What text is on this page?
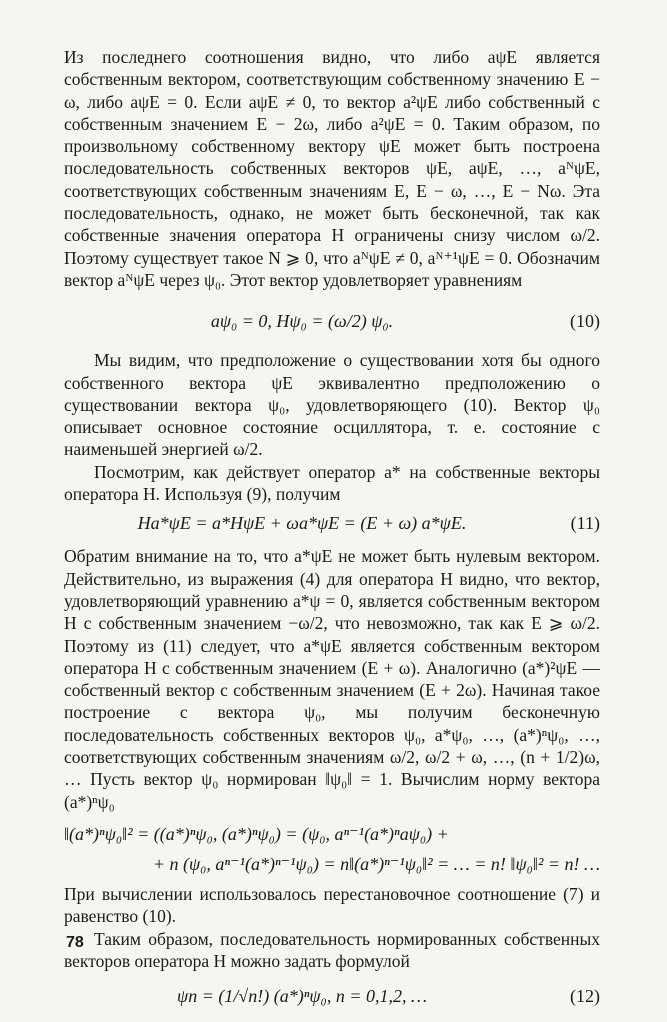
Из последнего соотношения видно, что либо aψE является собственным вектором, соответствующим собственному значению E − ω, либо aψE = 0. Если aψE ≠ 0, то вектор a²ψE либо собственный с собственным значением E − 2ω, либо a²ψE = 0. Таким образом, по произвольному собственному вектору ψE может быть построена последовательность собственных векторов ψE, aψE, …, aᴺψE, соответствующих собственным значениям E, E − ω, …, E − Nω. Эта последовательность, однако, не может быть бесконечной, так как собственные значения оператора H ограничены снизу числом ω/2. Поэтому существует такое N ⩾ 0, что aᴺψE ≠ 0, aᴺ⁺¹ψE = 0. Обозначим вектор aᴺψE через ψ₀. Этот вектор удовлетворяет уравнениям

aψ₀ = 0, Hψ₀ = (ω/2) ψ₀.	(10)

Мы видим, что предположение о существовании хотя бы одного собственного вектора ψE эквивалентно предположению о существовании вектора ψ₀, удовлетворяющего (10). Вектор ψ₀ описывает основное состояние осциллятора, т. е. состояние с наименьшей энергией ω/2.

Посмотрим, как действует оператор a* на собственные векторы оператора H. Используя (9), получим

Ha*ψE = a*HψE + ωa*ψE = (E + ω) a*ψE.	(11)

Обратим внимание на то, что a*ψE не может быть нулевым вектором. Действительно, из выражения (4) для оператора H видно, что вектор, удовлетворяющий уравнению a*ψ = 0, является собственным вектором H с собственным значением −ω/2, что невозможно, так как E ⩾ ω/2. Поэтому из (11) следует, что a*ψE является собственным вектором оператора H с собственным значением (E + ω). Аналогично (a*)²ψE — собственный вектор с собственным значением (E + 2ω). Начиная такое построение с вектора ψ₀, мы получим бесконечную последовательность собственных векторов ψ₀, a*ψ₀, …, (a*)ⁿψ₀, …, соответствующих собственным значениям ω/2, ω/2 + ω, …, (n + 1/2)ω, … Пусть вектор ψ₀ нормирован ‖ψ₀‖ = 1. Вычислим норму вектора (a*)ⁿψ₀

‖(a*)ⁿψ₀‖² = ((a*)ⁿψ₀, (a*)ⁿψ₀) = (ψ₀, aⁿ⁻¹(a*)ⁿaψ₀) +
+ n (ψ₀, aⁿ⁻¹(a*)ⁿ⁻¹ψ₀) = n‖(a*)ⁿ⁻¹ψ₀‖² = … = n! ‖ψ₀‖² = n! …

При вычислении использовалось перестановочное соотношение (7) и равенство (10).

Таким образом, последовательность нормированных собственных векторов оператора H можно задать формулой

ψn = (1/√n!) (a*)ⁿψ₀, n = 0,1,2, …	(12)
78
